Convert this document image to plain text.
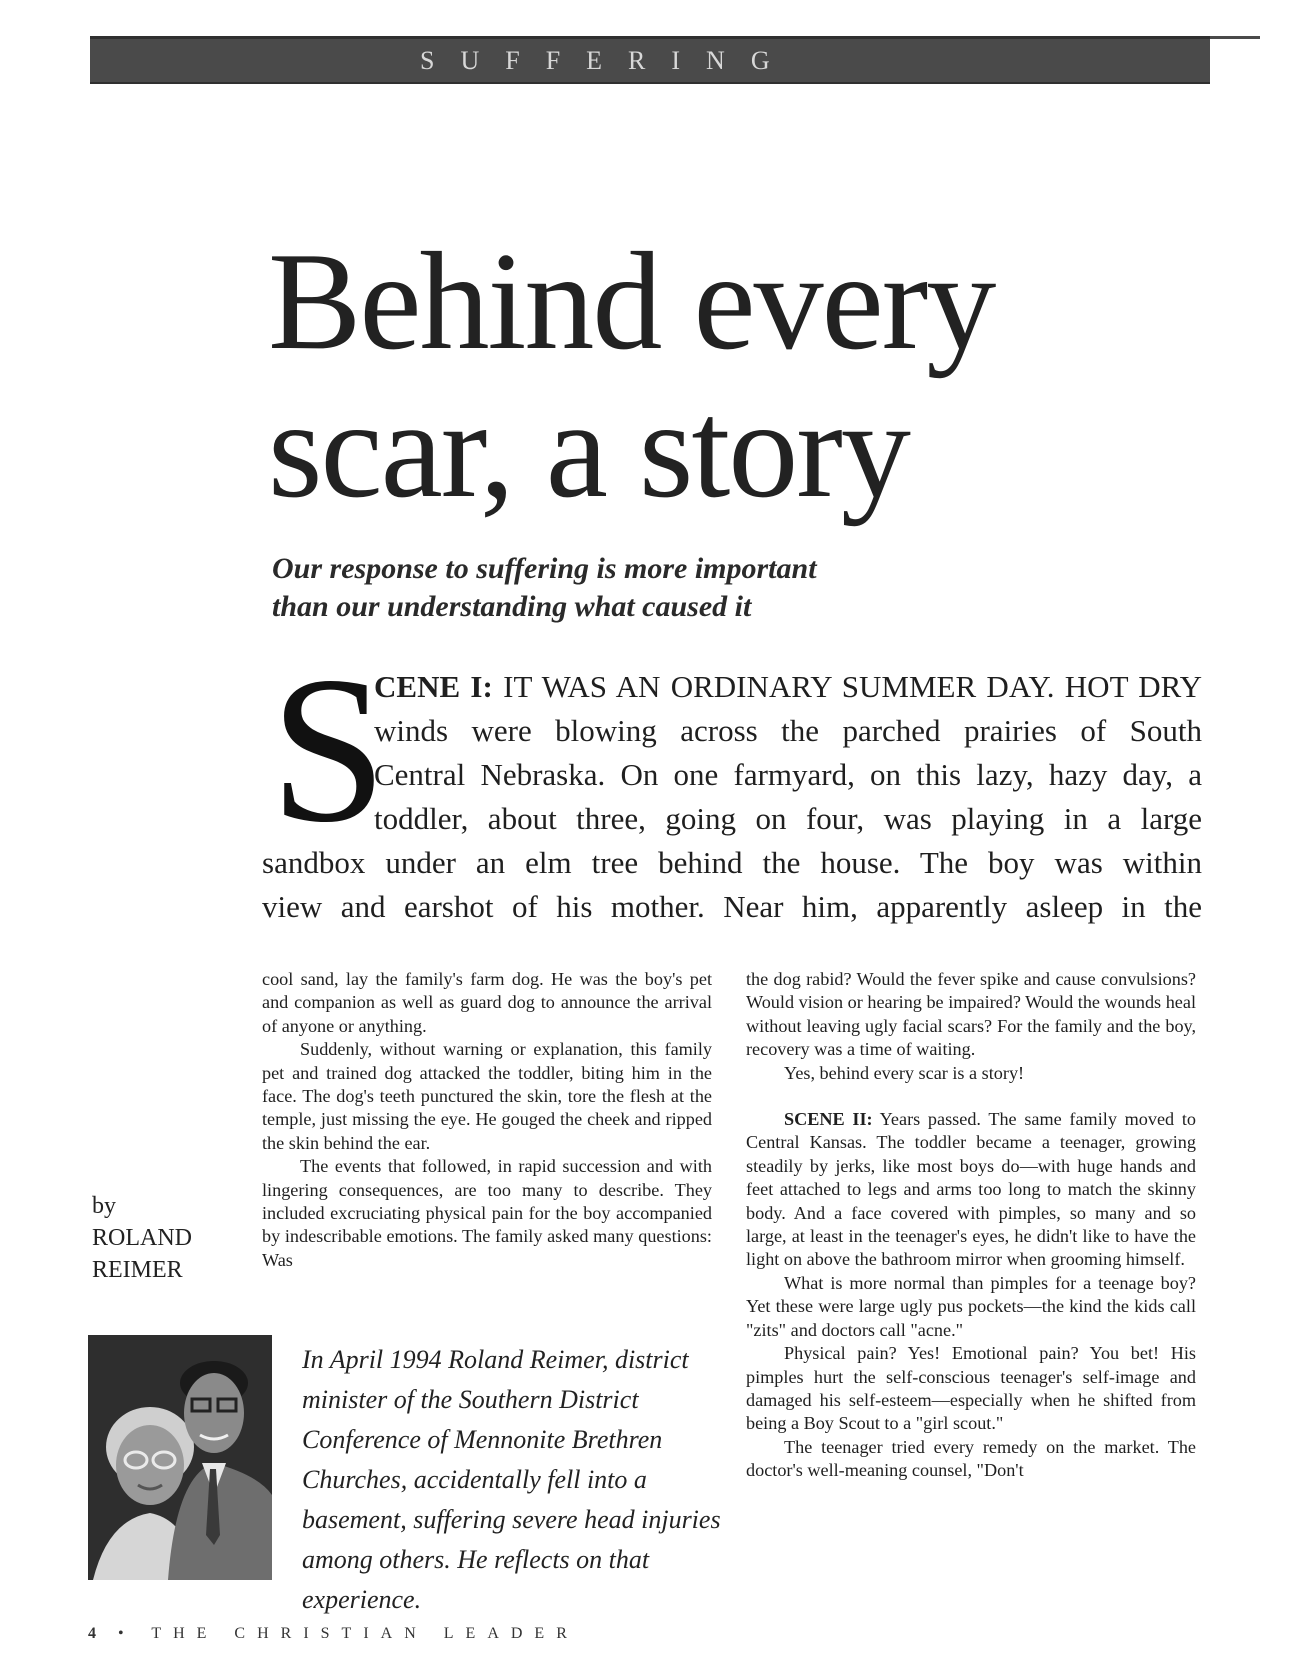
SUFFERING
Behind every
scar, a story
Our response to suffering is more important
than our understanding what caused it
S
CENE I: IT WAS AN ORDINARY SUMMER DAY. HOT DRY
winds were blowing across the parched prairies of South
Central Nebraska. On one farmyard, on this lazy, hazy day, a
toddler, about three, going on four, was playing in a large
sandbox under an elm tree behind the house. The boy was within
view and earshot of his mother. Near him, apparently asleep in the

cool sand, lay the family's farm dog. He was the boy's pet and companion as well as guard dog to announce the arrival of anyone or anything.

Suddenly, without warning or explanation, this family pet and trained dog attacked the toddler, biting him in the face. The dog's teeth punctured the skin, tore the flesh at the temple, just missing the eye. He gouged the cheek and ripped the skin behind the ear.

The events that followed, in rapid succession and with lingering consequences, are too many to describe. They included excruciating physical pain for the boy accompanied by indescribable emotions. The family asked many questions: Was

the dog rabid? Would the fever spike and cause convulsions? Would vision or hearing be impaired? Would the wounds heal without leaving ugly facial scars? For the family and the boy, recovery was a time of waiting.

Yes, behind every scar is a story!

SCENE II: Years passed. The same family moved to Central Kansas. The toddler became a teenager, growing steadily by jerks, like most boys do—with huge hands and feet attached to legs and arms too long to match the skinny body. And a face covered with pimples, so many and so large, at least in the teenager's eyes, he didn't like to have the light on above the bathroom mirror when grooming himself.

What is more normal than pimples for a teenage boy? Yet these were large ugly pus pockets—the kind the kids call "zits" and doctors call "acne."

Physical pain? Yes! Emotional pain? You bet! His pimples hurt the self-conscious teenager's self-image and damaged his self-esteem—especially when he shifted from being a Boy Scout to a "girl scout."

The teenager tried every remedy on the market. The doctor's well-meaning counsel, "Don't

by
ROLAND
REIMER
In April 1994 Roland Reimer, district minister of the Southern District Conference of Mennonite Brethren Churches, accidentally fell into a basement, suffering severe head injuries among others. He reflects on that experience.
4 • THE CHRISTIAN LEADER
